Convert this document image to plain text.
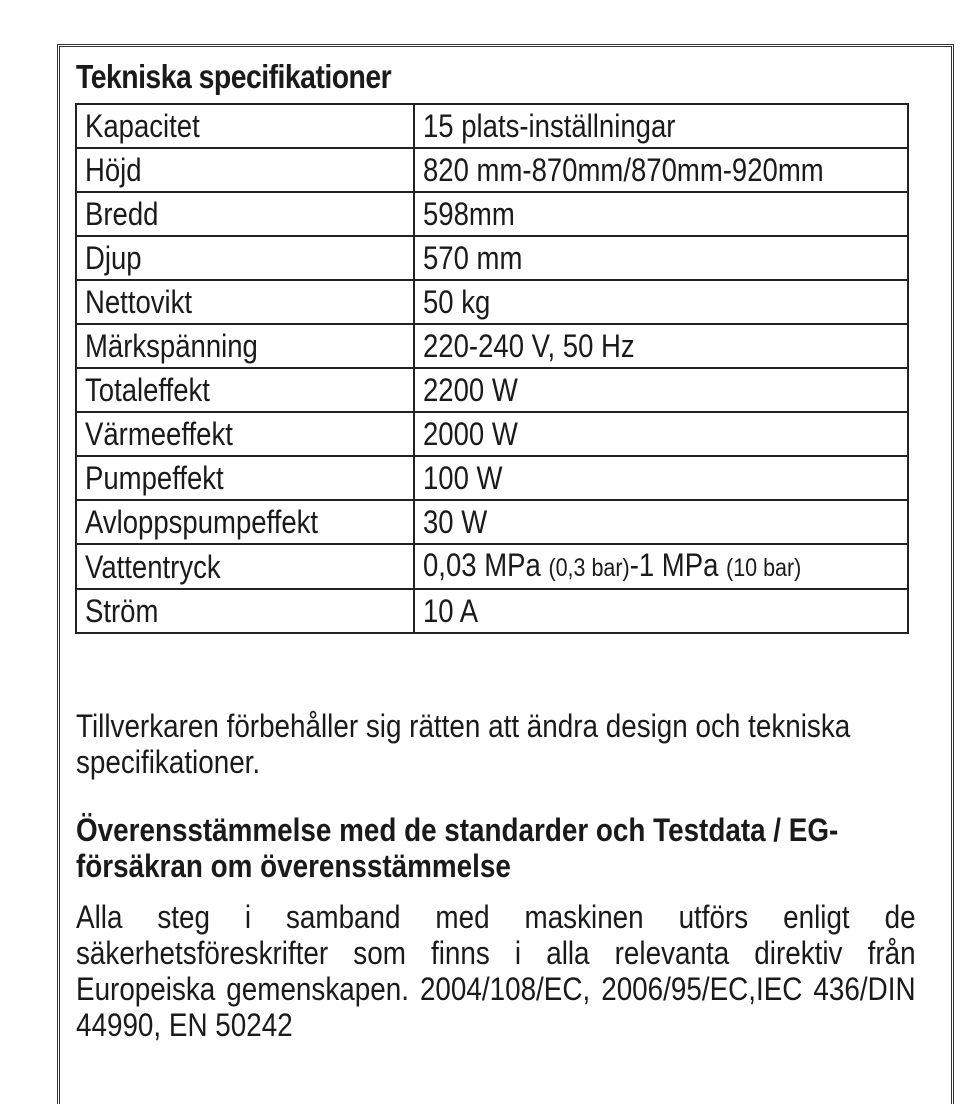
Tekniska specifikationer
Kapacitet	15 plats-inställningar
Höjd	820 mm-870mm/870mm-920mm
Bredd	598mm
Djup	570 mm
Nettovikt	50 kg
Märkspänning	220-240 V, 50 Hz
Totaleffekt	2200 W
Värmeeffekt	2000 W
Pumpeffekt	100 W
Avloppspumpeffekt	30 W
Vattentryck	0,03 MPa (0,3 bar)-1 MPa (10 bar)
Ström	10 A
Tillverkaren förbehåller sig rätten att ändra design och tekniska specifikationer.
Överensstämmelse med de standarder och Testdata / EG-försäkran om överensstämmelse
Alla steg i samband med maskinen utförs enligt de säkerhetsföreskrifter som finns i alla relevanta direktiv från Europeiska gemenskapen. 2004/108/EC, 2006/95/EC,IEC 436/DIN 44990, EN 50242
